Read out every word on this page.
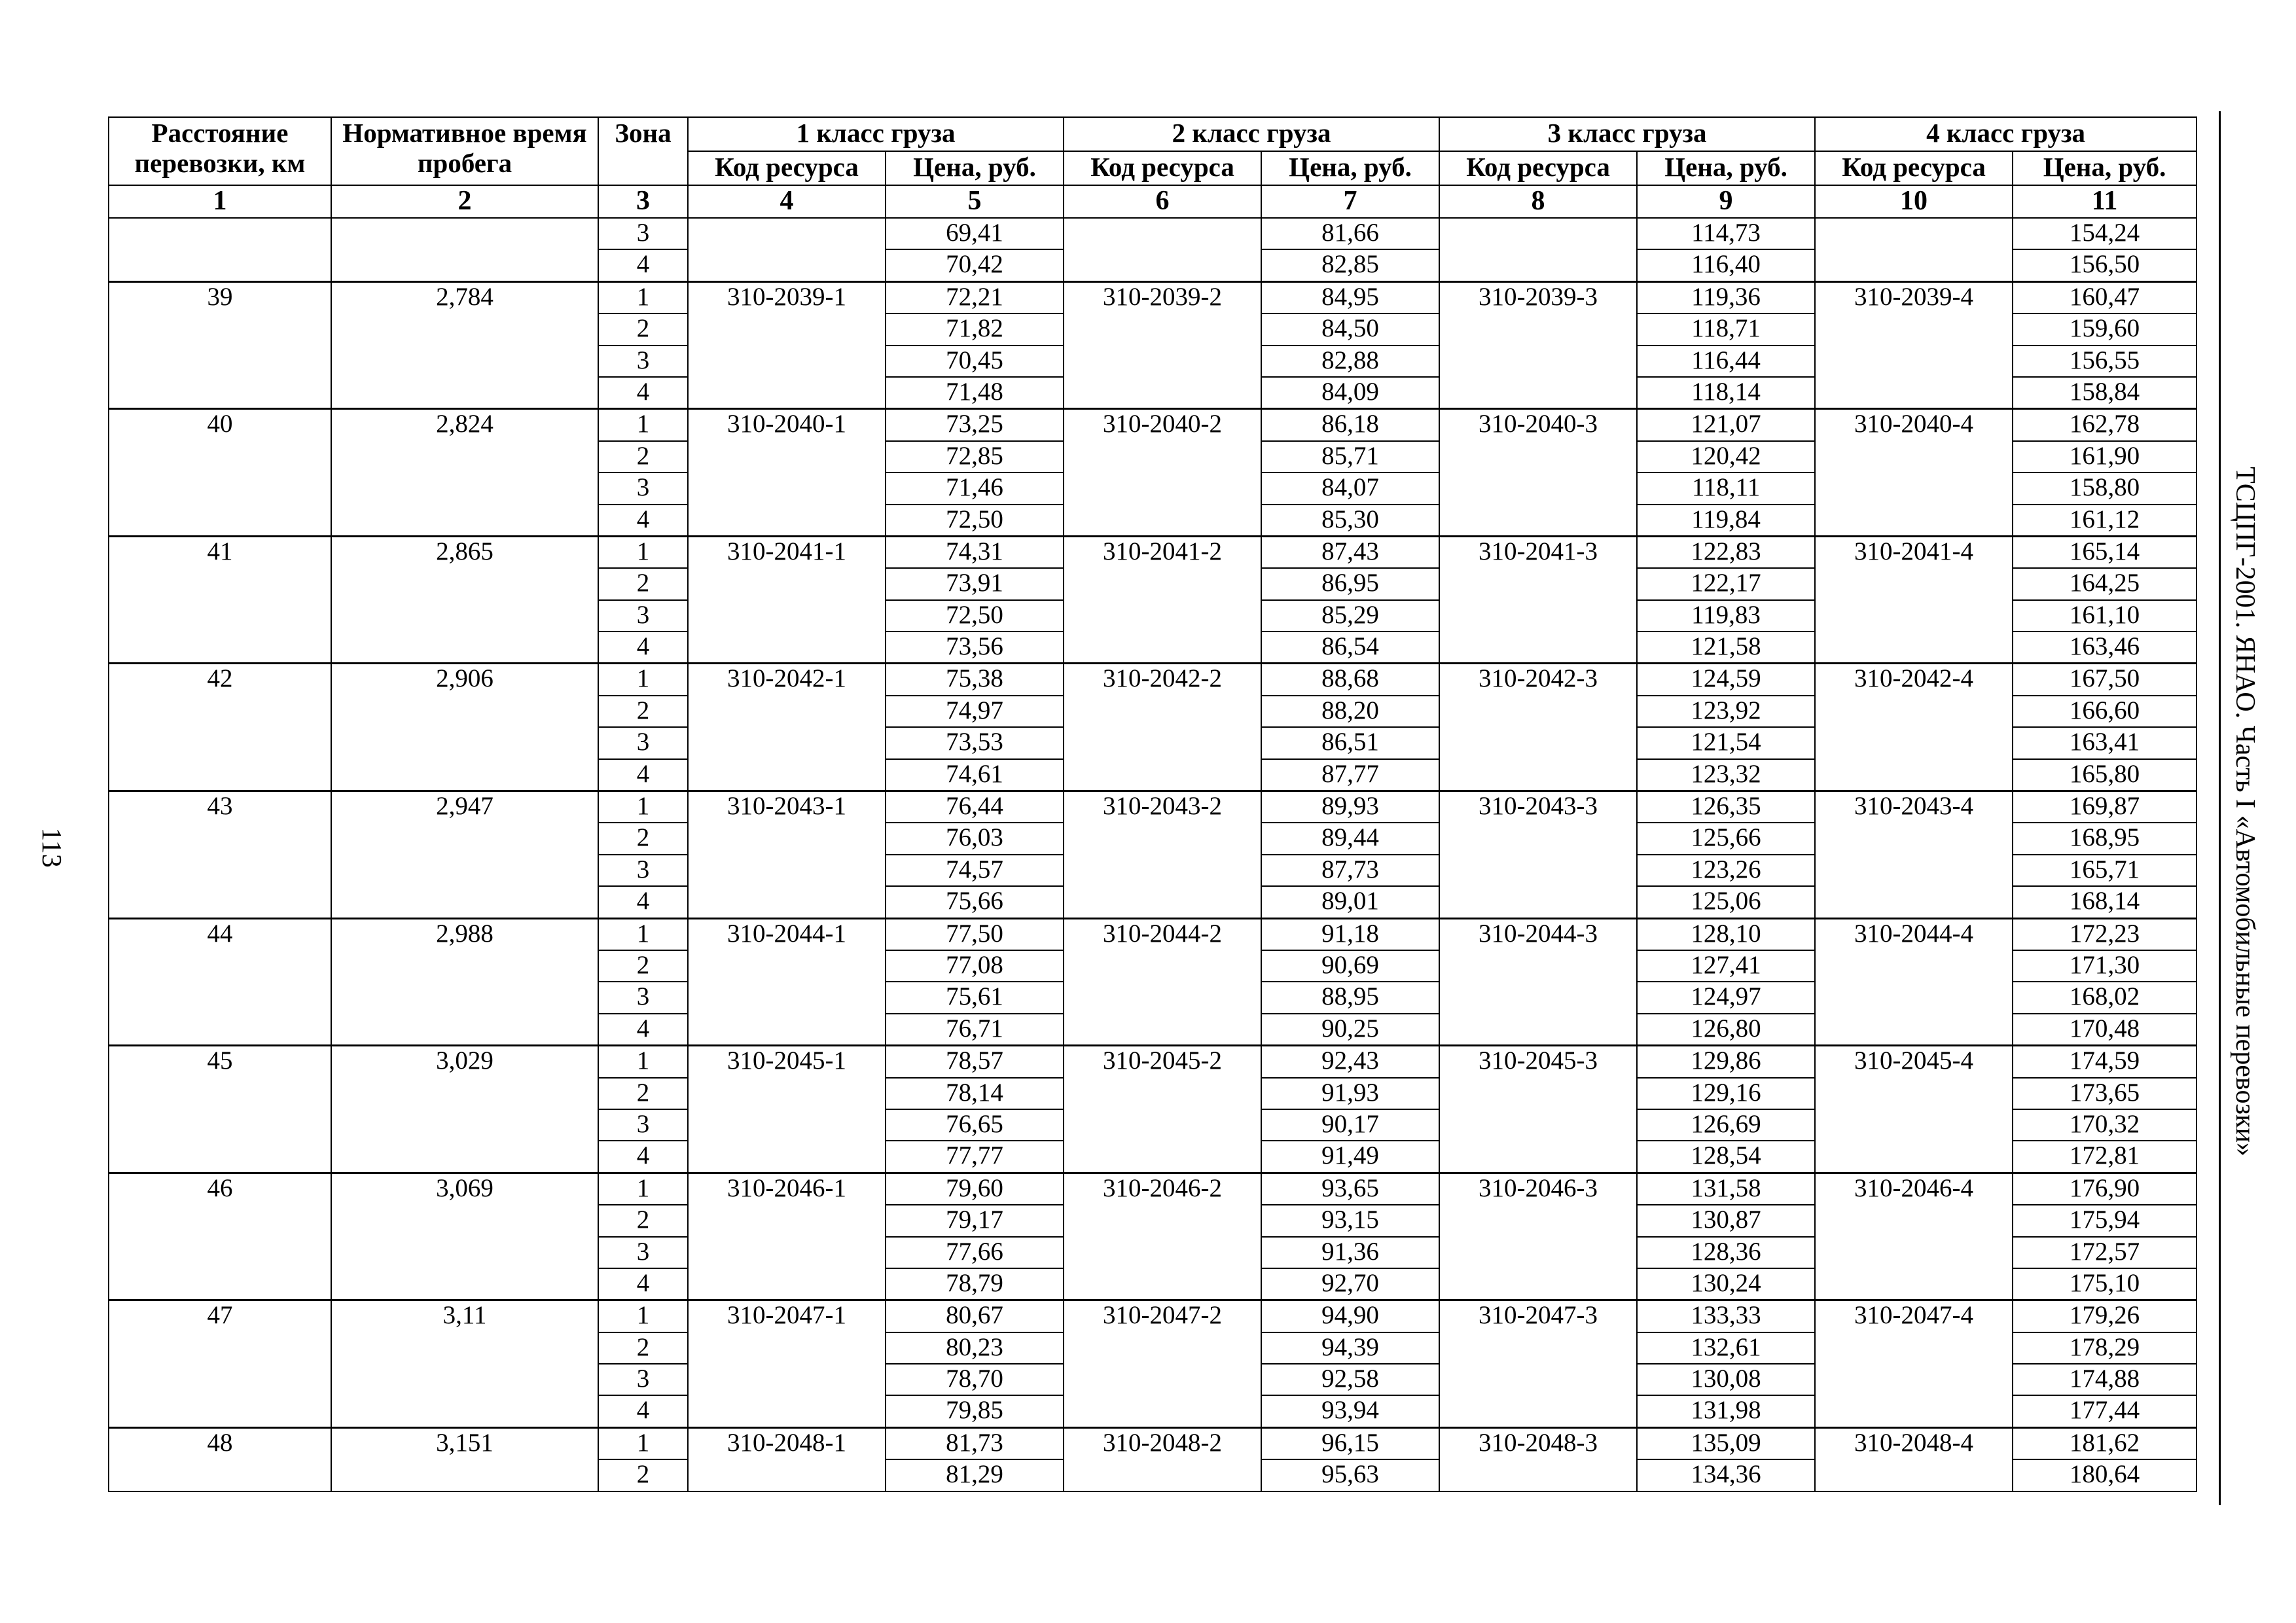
113
Расстояние перевозки, км	Нормативное время пробега	Зона	1 класс груза		2 класс груза		3 класс груза		4 класс груза	
			Код ресурса	Цена, руб.	Код ресурса	Цена, руб.	Код ресурса	Цена, руб.	Код ресурса	Цена, руб.
1	2	3	4	5	6	7	8	9	10	11
		3		69,41		81,66		114,73		154,24
		4		70,42		82,85		116,40		156,50
39	2,784	1	310-2039-1	72,21	310-2039-2	84,95	310-2039-3	119,36	310-2039-4	160,47
		2		71,82		84,50		118,71		159,60
		3		70,45		82,88		116,44		156,55
		4		71,48		84,09		118,14		158,84
40	2,824	1	310-2040-1	73,25	310-2040-2	86,18	310-2040-3	121,07	310-2040-4	162,78
		2		72,85		85,71		120,42		161,90
		3		71,46		84,07		118,11		158,80
		4		72,50		85,30		119,84		161,12
41	2,865	1	310-2041-1	74,31	310-2041-2	87,43	310-2041-3	122,83	310-2041-4	165,14
		2		73,91		86,95		122,17		164,25
		3		72,50		85,29		119,83		161,10
		4		73,56		86,54		121,58		163,46
42	2,906	1	310-2042-1	75,38	310-2042-2	88,68	310-2042-3	124,59	310-2042-4	167,50
		2		74,97		88,20		123,92		166,60
		3		73,53		86,51		121,54		163,41
		4		74,61		87,77		123,32		165,80
43	2,947	1	310-2043-1	76,44	310-2043-2	89,93	310-2043-3	126,35	310-2043-4	169,87
		2		76,03		89,44		125,66		168,95
		3		74,57		87,73		123,26		165,71
		4		75,66		89,01		125,06		168,14
44	2,988	1	310-2044-1	77,50	310-2044-2	91,18	310-2044-3	128,10	310-2044-4	172,23
		2		77,08		90,69		127,41		171,30
		3		75,61		88,95		124,97		168,02
		4		76,71		90,25		126,80		170,48
45	3,029	1	310-2045-1	78,57	310-2045-2	92,43	310-2045-3	129,86	310-2045-4	174,59
		2		78,14		91,93		129,16		173,65
		3		76,65		90,17		126,69		170,32
		4		77,77		91,49		128,54		172,81
46	3,069	1	310-2046-1	79,60	310-2046-2	93,65	310-2046-3	131,58	310-2046-4	176,90
		2		79,17		93,15		130,87		175,94
		3		77,66		91,36		128,36		172,57
		4		78,79		92,70		130,24		175,10
47	3,11	1	310-2047-1	80,67	310-2047-2	94,90	310-2047-3	133,33	310-2047-4	179,26
		2		80,23		94,39		132,61		178,29
		3		78,70		92,58		130,08		174,88
		4		79,85		93,94		131,98		177,44
48	3,151	1	310-2048-1	81,73	310-2048-2	96,15	310-2048-3	135,09	310-2048-4	181,62
		2		81,29		95,63		134,36		180,64
ТСЦПГ-2001. ЯНАО. Часть I «Автомобильные перевозки»
